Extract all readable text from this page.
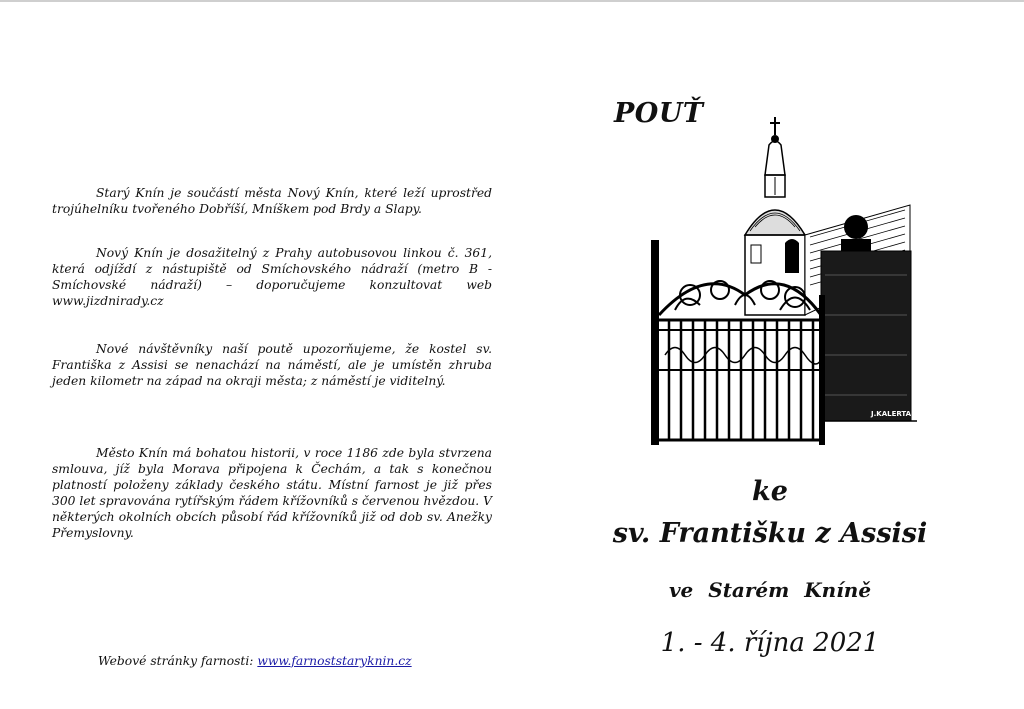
Starý Knín je součástí města Nový Knín, které leží uprostřed trojúhelníku tvořeného Dobříší, Mníškem pod Brdy a Slapy.

Nový Knín je dosažitelný z Prahy autobusovou linkou č. 361, která odjíždí z nástupiště od Smíchovského nádraží (metro B - Smíchovské nádraží) – doporučujeme konzultovat web www.jizdnirady.cz

Nové návštěvníky naší poutě upozorňujeme, že kostel sv. Františka z Assisi se nenachází na náměstí, ale je umístěn zhruba jeden kilometr na západ na okraji města; z náměstí je viditelný.

Město Knín má bohatou historii, v roce 1186 zde byla stvrzena smlouva, jíž byla Morava připojena k Čechám, a tak s konečnou platností položeny základy českého státu. Místní farnost je již přes 300 let spravována rytířským řádem křížovníků s červenou hvězdou. V některých okolních obcích působí řád křížovníků již od dob sv. Anežky Přemyslovny.

Webové stránky farnosti: www.farnoststaryknin.cz
POUŤ
J.KALERTA
ke
sv. Františku z Assisi
ve Starém Kníně
1. - 4. října 2021
